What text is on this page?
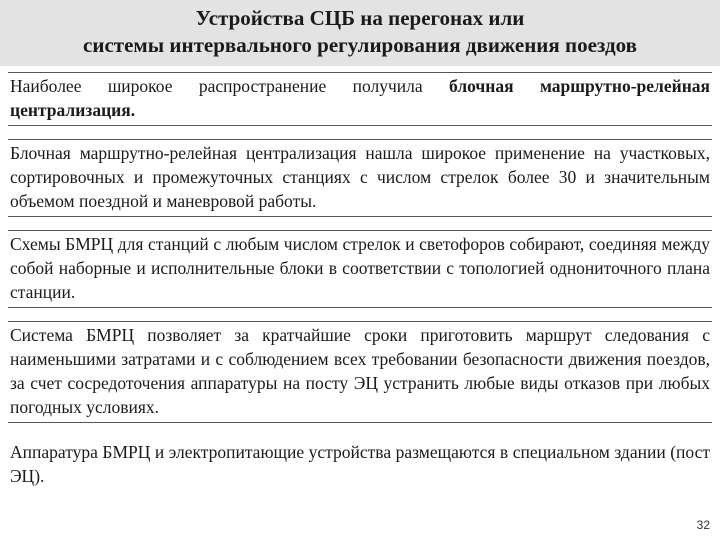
Устройства СЦБ на перегонах или
системы интервального регулирования движения поездов

Наиболее широкое распространение получила блочная маршрутно-релейная централизация.

Блочная маршрутно-релейная централизация нашла широкое применение на участковых, сортировочных и промежуточных станциях с числом стрелок более 30 и значительным объемом поездной и маневровой работы.

Схемы БМРЦ для станций с любым числом стрелок и светофоров собирают, соединяя между собой наборные и исполнительные блоки в соответствии с топологией однониточного плана станции.

Система БМРЦ позволяет за кратчайшие сроки приготовить маршрут следования с наименьшими затратами и с соблюдением всех требовании безопасности движения поездов, за счет сосредоточения аппаратуры на посту ЭЦ устранить любые виды отказов при любых погодных условиях.

Аппаратура БМРЦ и электропитающие устройства размещаются в специальном здании (пост ЭЦ).

32
